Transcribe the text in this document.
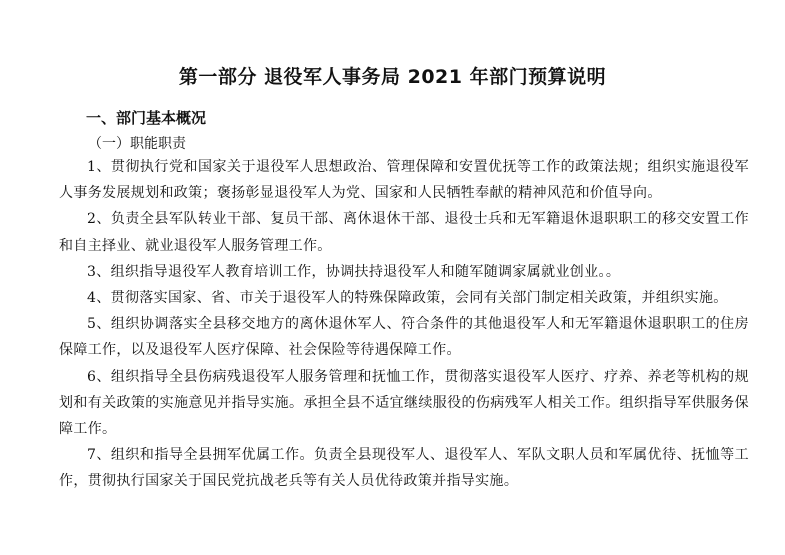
第一部分 退役军人事务局 2021 年部门预算说明
一、部门基本概况
（一）职能职责

1、贯彻执行党和国家关于退役军人思想政治、管理保障和安置优抚等工作的政策法规；组织实施退役军人事务发展规划和政策；褒扬彰显退役军人为党、国家和人民牺牲奉献的精神风范和价值导向。

2、负责全县军队转业干部、复员干部、离休退休干部、退役士兵和无军籍退休退职职工的移交安置工作和自主择业、就业退役军人服务管理工作。

3、组织指导退役军人教育培训工作，协调扶持退役军人和随军随调家属就业创业。。

4、贯彻落实国家、省、市关于退役军人的特殊保障政策，会同有关部门制定相关政策，并组织实施。

5、组织协调落实全县移交地方的离休退休军人、符合条件的其他退役军人和无军籍退休退职职工的住房保障工作，以及退役军人医疗保障、社会保险等待遇保障工作。

6、组织指导全县伤病残退役军人服务管理和抚恤工作，贯彻落实退役军人医疗、疗养、养老等机构的规划和有关政策的实施意见并指导实施。承担全县不适宜继续服役的伤病残军人相关工作。组织指导军供服务保障工作。

7、组织和指导全县拥军优属工作。负责全县现役军人、退役军人、军队文职人员和军属优待、抚恤等工作，贯彻执行国家关于国民党抗战老兵等有关人员优待政策并指导实施。
